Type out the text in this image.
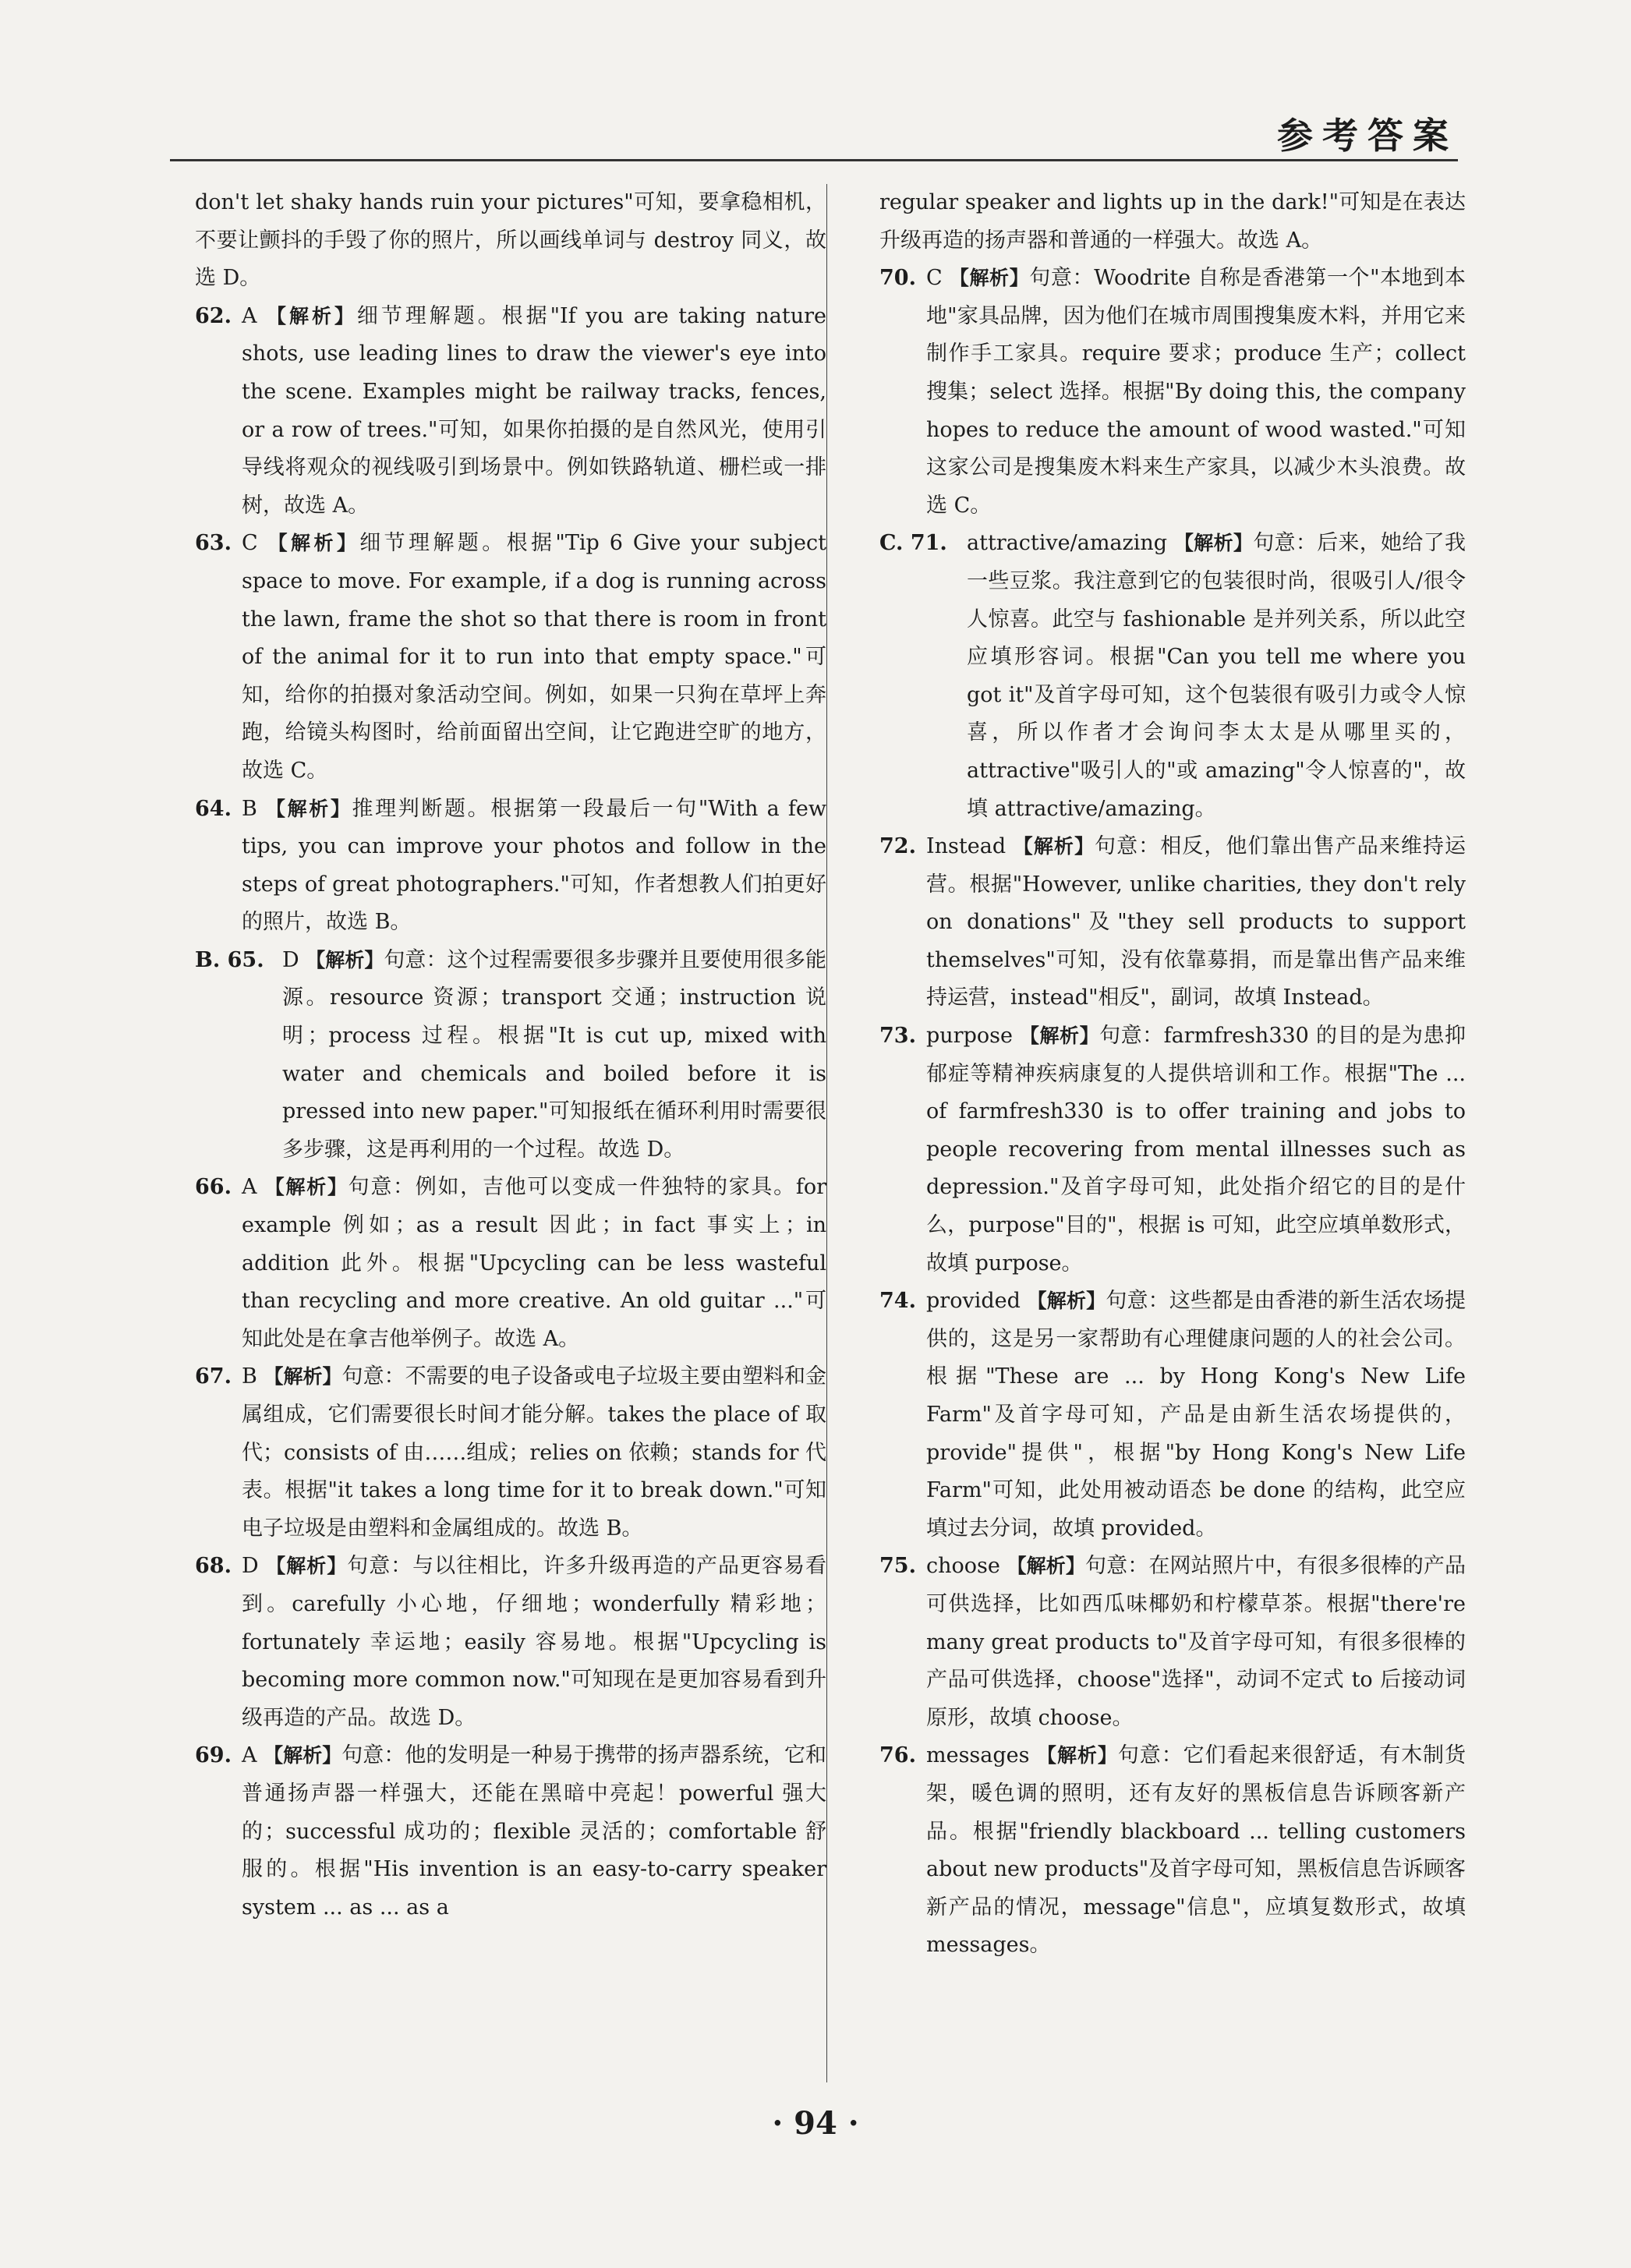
参考答案
don't let shaky hands ruin your pictures"可知，要拿稳相机，不要让颤抖的手毁了你的照片，所以画线单词与 destroy 同义，故选 D。
62. A 【解析】细节理解题。根据"If you are taking nature shots, use leading lines to draw the viewer's eye into the scene. Examples might be railway tracks, fences, or a row of trees."可知，如果你拍摄的是自然风光，使用引导线将观众的视线吸引到场景中。例如铁路轨道、栅栏或一排树，故选 A。
63. C 【解析】细节理解题。根据"Tip 6 Give your subject space to move. For example, if a dog is running across the lawn, frame the shot so that there is room in front of the animal for it to run into that empty space."可知，给你的拍摄对象活动空间。例如，如果一只狗在草坪上奔跑，给镜头构图时，给前面留出空间，让它跑进空旷的地方，故选 C。
64. B 【解析】推理判断题。根据第一段最后一句"With a few tips, you can improve your photos and follow in the steps of great photographers."可知，作者想教人们拍更好的照片，故选 B。
B. 65. D 【解析】句意：这个过程需要很多步骤并且要使用很多能源。resource 资源；transport 交通；instruction 说明；process 过程。根据"It is cut up, mixed with water and chemicals and boiled before it is pressed into new paper."可知报纸在循环利用时需要很多步骤，这是再利用的一个过程。故选 D。
66. A 【解析】句意：例如，吉他可以变成一件独特的家具。for example 例如；as a result 因此；in fact 事实上；in addition 此外。根据"Upcycling can be less wasteful than recycling and more creative. An old guitar ..."可知此处是在拿吉他举例子。故选 A。
67. B 【解析】句意：不需要的电子设备或电子垃圾主要由塑料和金属组成，它们需要很长时间才能分解。takes the place of 取代；consists of 由……组成；relies on 依赖；stands for 代表。根据"it takes a long time for it to break down."可知电子垃圾是由塑料和金属组成的。故选 B。
68. D 【解析】句意：与以往相比，许多升级再造的产品更容易看到。carefully 小心地，仔细地；wonderfully 精彩地；fortunately 幸运地；easily 容易地。根据"Upcycling is becoming more common now."可知现在是更加容易看到升级再造的产品。故选 D。
69. A 【解析】句意：他的发明是一种易于携带的扬声器系统，它和普通扬声器一样强大，还能在黑暗中亮起！powerful 强大的；successful 成功的；flexible 灵活的；comfortable 舒服的。根据"His invention is an easy-to-carry speaker system ... as ... as a
regular speaker and lights up in the dark!"可知是在表达升级再造的扬声器和普通的一样强大。故选 A。
70. C 【解析】句意：Woodrite 自称是香港第一个"本地到本地"家具品牌，因为他们在城市周围搜集废木料，并用它来制作手工家具。require 要求；produce 生产；collect 搜集；select 选择。根据"By doing this, the company hopes to reduce the amount of wood wasted."可知这家公司是搜集废木料来生产家具，以减少木头浪费。故选 C。
C. 71. attractive/amazing 【解析】句意：后来，她给了我一些豆浆。我注意到它的包装很时尚，很吸引人/很令人惊喜。此空与 fashionable 是并列关系，所以此空应填形容词。根据"Can you tell me where you got it"及首字母可知，这个包装很有吸引力或令人惊喜，所以作者才会询问李太太是从哪里买的，attractive"吸引人的"或 amazing"令人惊喜的"，故填 attractive/amazing。
72. Instead 【解析】句意：相反，他们靠出售产品来维持运营。根据"However, unlike charities, they don't rely on donations"及"they sell products to support themselves"可知，没有依靠募捐，而是靠出售产品来维持运营，instead"相反"，副词，故填 Instead。
73. purpose 【解析】句意：farmfresh330 的目的是为患抑郁症等精神疾病康复的人提供培训和工作。根据"The ... of farmfresh330 is to offer training and jobs to people recovering from mental illnesses such as depression."及首字母可知，此处指介绍它的目的是什么，purpose"目的"，根据 is 可知，此空应填单数形式，故填 purpose。
74. provided 【解析】句意：这些都是由香港的新生活农场提供的，这是另一家帮助有心理健康问题的人的社会公司。根据"These are ... by Hong Kong's New Life Farm"及首字母可知，产品是由新生活农场提供的，provide"提供"，根据"by Hong Kong's New Life Farm"可知，此处用被动语态 be done 的结构，此空应填过去分词，故填 provided。
75. choose 【解析】句意：在网站照片中，有很多很棒的产品可供选择，比如西瓜味椰奶和柠檬草茶。根据"there're many great products to"及首字母可知，有很多很棒的产品可供选择，choose"选择"，动词不定式 to 后接动词原形，故填 choose。
76. messages 【解析】句意：它们看起来很舒适，有木制货架，暖色调的照明，还有友好的黑板信息告诉顾客新产品。根据"friendly blackboard ... telling customers about new products"及首字母可知，黑板信息告诉顾客新产品的情况，message"信息"，应填复数形式，故填 messages。
· 94 ·
